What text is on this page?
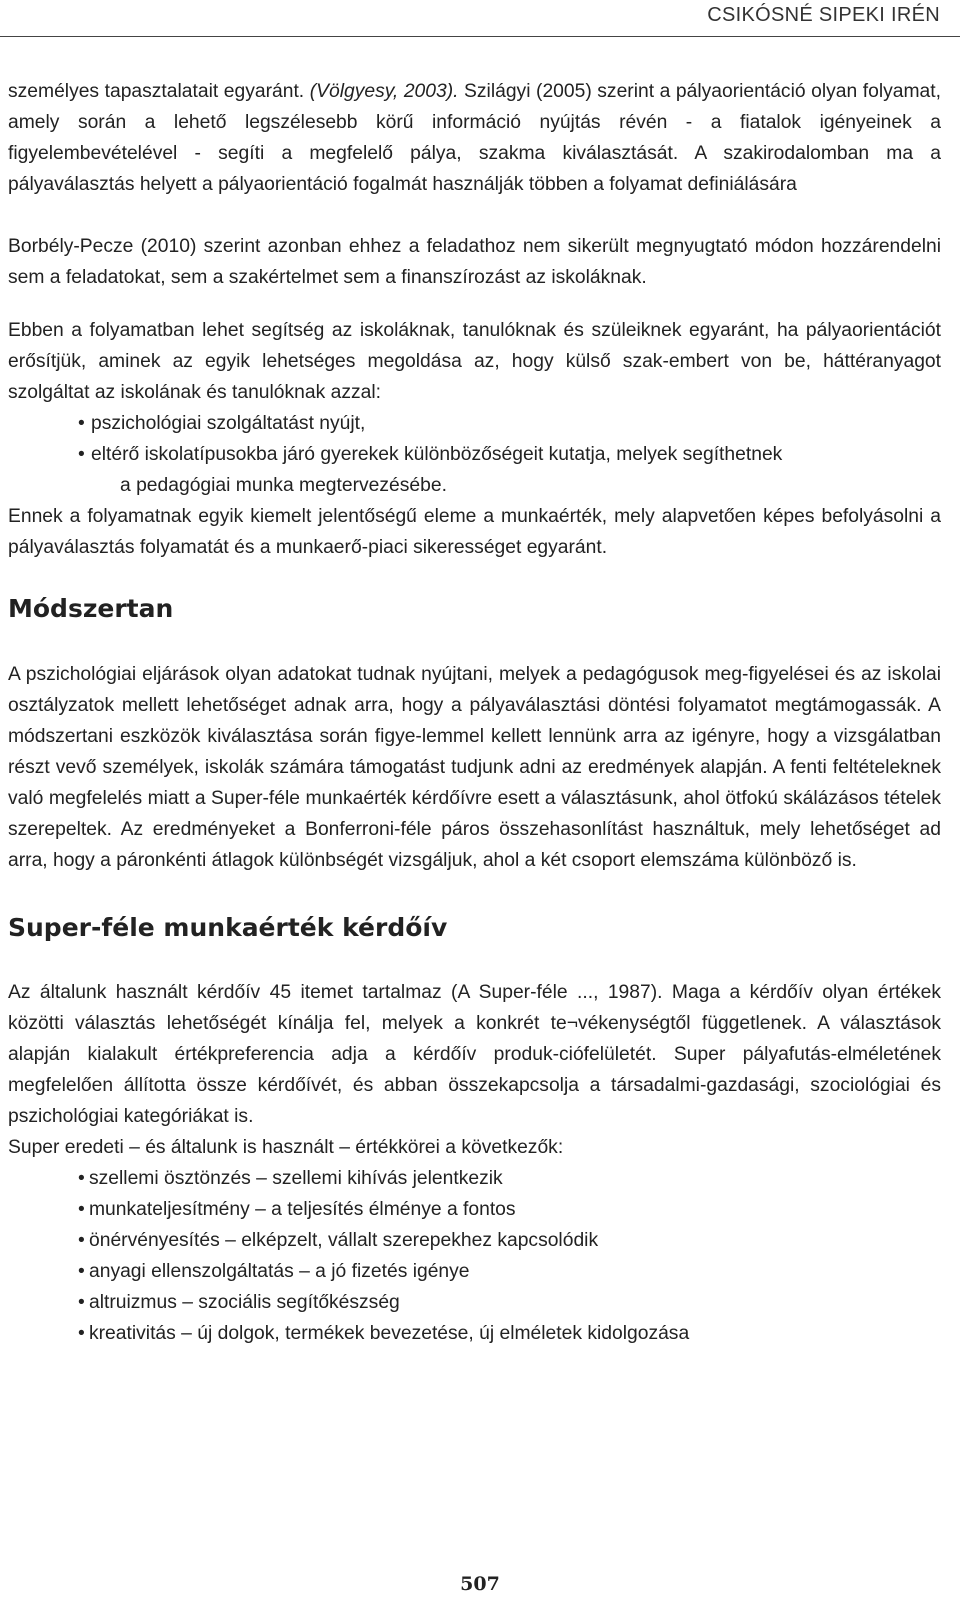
CSIKÓSNÉ SIPEKI IRÉN

személyes tapasztalatait egyaránt. (Völgyesy, 2003). Szilágyi (2005) szerint a pályaorientáció olyan folyamat, amely során a lehető legszélesebb körű információ nyújtás révén - a fiatalok igényeinek a figyelembevételével - segíti a megfelelő pálya, szakma kiválasztását. A szakirodalomban ma a pályaválasztás helyett a pályaorientáció fogalmát használják többen a folyamat definiálására

Borbély-Pecze (2010) szerint azonban ehhez a feladathoz nem sikerült megnyugtató módon hozzárendelni sem a feladatokat, sem a szakértelmet sem a finanszírozást az iskoláknak.

Ebben a folyamatban lehet segítség az iskoláknak, tanulóknak és szüleiknek egyaránt, ha pályaorientációt erősítjük, aminek az egyik lehetséges megoldása az, hogy külső szak-embert von be, háttéranyagot szolgáltat az iskolának és tanulóknak azzal:

• pszichológiai szolgáltatást nyújt,
• eltérő iskolatípusokba járó gyerekek különbözőségeit kutatja, melyek segíthetnek
a pedagógiai munka megtervezésébe.

Ennek a folyamatnak egyik kiemelt jelentőségű eleme a munkaérték, mely alapvetően képes befolyásolni a pályaválasztás folyamatát és a munkaerő-piaci sikerességet egyaránt.

Módszertan

A pszichológiai eljárások olyan adatokat tudnak nyújtani, melyek a pedagógusok meg-figyelései és az iskolai osztályzatok mellett lehetőséget adnak arra, hogy a pályaválasztási döntési folyamatot megtámogassák. A módszertani eszközök kiválasztása során figye-lemmel kellett lennünk arra az igényre, hogy a vizsgálatban részt vevő személyek, iskolák számára támogatást tudjunk adni az eredmények alapján. A fenti feltételeknek való megfelelés miatt a Super-féle munkaérték kérdőívre esett a választásunk, ahol ötfokú skálázásos tételek szerepeltek. Az eredményeket a Bonferroni-féle páros összehasonlítást használtuk, mely lehetőséget ad arra, hogy a páronkénti átlagok különbségét vizsgáljuk, ahol a két csoport elemszáma különböző is.

Super-féle munkaérték kérdőív

Az általunk használt kérdőív 45 itemet tartalmaz (A Super-féle ..., 1987). Maga a kérdőív olyan értékek közötti választás lehetőségét kínálja fel, melyek a konkrét te¬vékenységtől függetlenek. A választások alapján kialakult értékpreferencia adja a kérdőív produk-ciófelületét. Super pályafutás-elméletének megfelelően állította össze kérdőívét, és abban összekapcsolja a társadalmi-gazdasági, szociológiai és pszichológiai kategóriákat is.

Super eredeti – és általunk is használt – értékkörei a következők:

• szellemi ösztönzés – szellemi kihívás jelentkezik
• munkateljesítmény – a teljesítés élménye a fontos
• önérvényesítés – elképzelt, vállalt szerepekhez kapcsolódik
• anyagi ellenszolgáltatás – a jó fizetés igénye
• altruizmus – szociális segítőkészség
• kreativitás – új dolgok, termékek bevezetése, új elméletek kidolgozása
507
